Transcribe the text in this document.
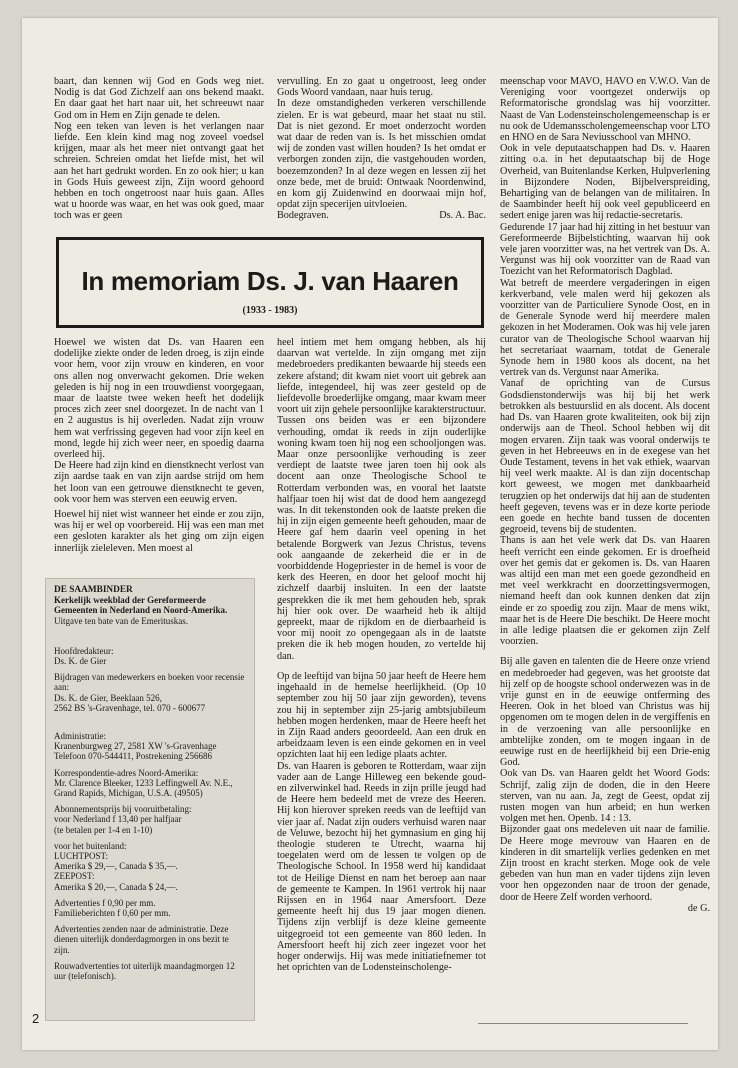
baart, dan kennen wij God en Gods weg niet. Nodig is dat God Zichzelf aan ons bekend maakt. En daar gaat het hart naar uit, het schreeuwt naar God om in Hem en Zijn genade te delen.

Nog een teken van leven is het verlangen naar liefde. Een klein kind mag nog zoveel voedsel krijgen, maar als het meer niet ontvangt gaat het schreien. Schreien omdat het liefde mist, het wil aan het hart gedrukt worden. En zo ook hier; u kan in Gods Huis geweest zijn, Zijn woord gehoord hebben en toch ongetroost naar huis gaan. Alles wat u hoorde was waar, en het was ook goed, maar toch was er geen

vervulling. En zo gaat u ongetroost, leeg onder Gods Woord vandaan, naar huis terug.

In deze omstandigheden verkeren verschillende zielen. Er is wat gebeurd, maar het staat nu stil. Dat is niet gezond. Er moet onderzocht worden wat daar de reden van is. Is het misschien omdat wij de zonden vast willen houden? Is het omdat er verborgen zonden zijn, die vastgehouden worden, boezemzonden? In al deze wegen en lessen zij het onze bede, met de bruid: Ontwaak Noordenwind, en kom gij Zuidenwind en doorwaai mijn hof, opdat zijn specerijen uitvloeien.

Bodegraven.	Ds. A. Bac.

meenschap voor MAVO, HAVO en V.W.O. Van de Vereniging voor voortgezet onderwijs op Reformatorische grondslag was hij voorzitter. Naast de Van Lodensteinscholengemeenschap is er nu ook de Udemansscholengemeenschap voor LTO en HNO en de Sara Neviusschool van MHNO.

Ook in vele deputaatschappen had Ds. v. Haaren zitting o.a. in het deputaatschap bij de Hoge Overheid, van Buitenlandse Kerken, Hulpverlening in Bijzondere Noden, Bijbelverspreiding, Behartiging van de belangen van de militairen. In de Saambinder heeft hij ook veel gepubliceerd en sedert enige jaren was hij redactie-secretaris.

Gedurende 17 jaar had hij zitting in het bestuur van Gereformeerde Bijbelstichting, waarvan hij ook vele jaren voorzitter was, na het vertrek van Ds. A. Vergunst was hij ook voorzitter van de Raad van Toezicht van het Reformatorisch Dagblad.

Wat betreft de meerdere vergaderingen in eigen kerkverband, vele malen werd hij gekozen als voorzitter van de Particuliere Synode Oost, en in de Generale Synode werd hij meerdere malen gekozen in het Moderamen. Ook was hij vele jaren curator van de Theologische School waarvan hij het secretariaat waarnam, totdat de Generale Synode hem in 1980 koos als docent, na het vertrek van ds. Vergunst naar Amerika.

Vanaf de oprichting van de Cursus Godsdienstonderwijs was hij bij het werk betrokken als bestuurslid en als docent. Als docent had Ds. van Haaren grote kwaliteiten, ook bij zijn onderwijs aan de Theol. School hebben wij dit mogen ervaren. Zijn taak was vooral onderwijs te geven in het Hebreeuws en in de exegese van het Oude Testament, tevens in het vak ethiek, waarvan hij veel werk maakte. Al is dan zijn docentschap kort geweest, we mogen met dankbaarheid terugzien op het onderwijs dat hij aan de studenten heeft gegeven, tevens was er in deze korte periode een goede en hechte band tussen de docenten gegroeid, tevens bij de studenten.

Thans is aan het vele werk dat Ds. van Haaren heeft verricht een einde gekomen. Er is droefheid over het gemis dat er gekomen is. Ds. van Haaren was altijd een man met een goede gezondheid en met veel werkkracht en doorzettingsvermogen, niemand heeft dan ook kunnen denken dat zijn einde er zo spoedig zou zijn. Maar de mens wikt, maar het is de Heere Die beschikt. De Heere mocht in alle ledige plaatsen die er gekomen zijn Zelf voorzien.

Bij alle gaven en talenten die de Heere onze vriend en medebroeder had gegeven, was het grootste dat hij zelf op de hoogste school onderwezen was in de vrije gunst en in de eeuwige ontferming des Heeren. Ook in het bloed van Christus was hij opgenomen om te mogen delen in de vergiffenis en in de verzoening van alle persoonlijke en ambtelijke zonden, om te mogen ingaan in de eeuwige rust en de heerlijkheid bij een Drie-enig God.

Ook van Ds. van Haaren geldt het Woord Gods: Schrijf, zalig zijn de doden, die in den Heere sterven, van nu aan. Ja, zegt de Geest, opdat zij rusten mogen van hun arbeid; en hun werken volgen met hen. Openb. 14 : 13.

Bijzonder gaat ons medeleven uit naar de familie. De Heere moge mevrouw van Haaren en de kinderen in dit smartelijk verlies gedenken en met Zijn troost en kracht sterken. Moge ook de vele gebeden van hun man en vader tijdens zijn leven voor hen opgezonden naar de troon der genade, door de Heere Zelf worden verhoord.

de G.

In memoriam Ds. J. van Haaren
(1933 - 1983)

Hoewel we wisten dat Ds. van Haaren een dodelijke ziekte onder de leden droeg, is zijn einde voor hem, voor zijn vrouw en kinderen, en voor ons allen nog onverwacht gekomen. Drie weken geleden is hij nog in een trouwdienst voorgegaan, maar de laatste twee weken heeft het dodelijk proces zich zeer snel doorgezet. In de nacht van 1 en 2 augustus is hij overleden. Nadat zijn vrouw hem wat verfrissing gegeven had voor zijn keel en mond, legde hij zich weer neer, en spoedig daarna overleed hij.

De Heere had zijn kind en dienstknecht verlost van zijn aardse taak en van zijn aardse strijd om hem het loon van een getrouwe dienstknecht te geven, ook voor hem was sterven een eeuwig erven.

Hoewel hij niet wist wanneer het einde er zou zijn, was hij er wel op voorbereid. Hij was een man met een gesloten karakter als het ging om zijn eigen innerlijk zieleleven. Men moest al

heel intiem met hem omgang hebben, als hij daarvan wat vertelde. In zijn omgang met zijn medebroeders predikanten bewaarde hij steeds een zekere afstand; dit kwam niet voort uit gebrek aan liefde, integendeel, hij was zeer gesteld op de liefdevolle broederlijke omgang, maar kwam meer voort uit zijn gehele persoonlijke karakterstructuur. Tussen ons beiden was er een bijzondere verhouding, omdat ik reeds in zijn ouderlijke woning kwam toen hij nog een schooljongen was. Maar onze persoonlijke verhouding is zeer verdiept de laatste twee jaren toen hij ook als docent aan onze Theologische School te Rotterdam verbonden was, en vooral het laatste halfjaar toen hij wist dat de dood hem aangezegd was. In dit tekenstonden ook de laatste preken die hij in zijn eigen gemeente heeft gehouden, maar de Heere gaf hem daarin veel opening in het betalende Borgwerk van Jezus Christus, tevens ook aangaande de zekerheid die er in de voorbiddende Hogepriester in de hemel is voor de kerk des Heeren, en door het geloof mocht hij zichzelf daarbij insluiten. In een der laatste gesprekken die ik met hem gehouden heb, sprak hij hier ook over. De waarheid heb ik altijd gepreekt, maar de rijkdom en de dierbaarheid is voor mij nooit zo opengegaan als in de laatste preken die ik heb mogen houden, zo vertelde hij dan.

Op de leeftijd van bijna 50 jaar heeft de Heere hem ingehaald in de hemelse heerlijkheid. (Op 10 september zou hij 50 jaar zijn geworden), tevens zou hij in september zijn 25-jarig ambtsjubileum hebben mogen herdenken, maar de Heere heeft het in Zijn Raad anders geoordeeld. Aan een druk en arbeidzaam leven is een einde gekomen en in veel opzichten laat hij een ledige plaats achter.

Ds. van Haaren is geboren te Rotterdam, waar zijn vader aan de Lange Hilleweg een bekende goud- en zilverwinkel had. Reeds in zijn prille jeugd had de Heere hem bedeeld met de vreze des Heeren. Hij kon hierover spreken reeds van de leeftijd van vier jaar af. Nadat zijn ouders verhuisd waren naar de Veluwe, bezocht hij het gymnasium en ging hij theologie studeren te Utrecht, waarna hij toegelaten werd om de lessen te volgen op de Theologische School. In 1958 werd hij kandidaat tot de Heilige Dienst en nam het beroep aan naar de gemeente te Kampen. In 1961 vertrok hij naar Rijssen en in 1964 naar Amersfoort. Deze gemeente heeft hij dus 19 jaar mogen dienen. Tijdens zijn verblijf is deze kleine gemeente uitgegroeid tot een gemeente van 860 leden. In Amersfoort heeft hij zich zeer ingezet voor het hoger onderwijs. Hij was mede initiatiefnemer tot het oprichten van de Lodensteinscholenge-

DE SAAMBINDER

Kerkelijk weekblad der Gereformeerde Gemeenten in Nederland en Noord-Amerika.

Uitgave ten bate van de Emerituskas.

Hoofdredakteur:

Ds. K. de Gier

Bijdragen van medewerkers en boeken voor recensie aan:

Ds. K. de Gier, Beeklaan 526,

2562 BS 's-Gravenhage, tel. 070 - 600677

Administratie:

Kranenburgweg 27, 2581 XW 's-Gravenhage

Telefoon 070-544411, Postrekening 256686

Korrespondentie-adres Noord-Amerika:

Mr. Clarence Bleeker, 1233 Leffingwell Av. N.E., Grand Rapids, Michigan, U.S.A. (49505)

Abonnementsprijs bij vooruitbetaling:

voor Nederland f 13,40 per halfjaar

(te betalen per 1-4 en 1-10)

voor het buitenland:

LUCHTPOST:

Amerika $ 29,—, Canada $ 35,—.

ZEEPOST:

Amerika $ 20,—, Canada $ 24,—.

Advertenties f 0,90 per mm.

Familieberichten f 0,60 per mm.

Advertenties zenden naar de administratie. Deze dienen uiterlijk donderdagmorgen in ons bezit te zijn.

Rouwadvertenties tot uiterlijk maandagmorgen 12 uur (telefonisch).

2
